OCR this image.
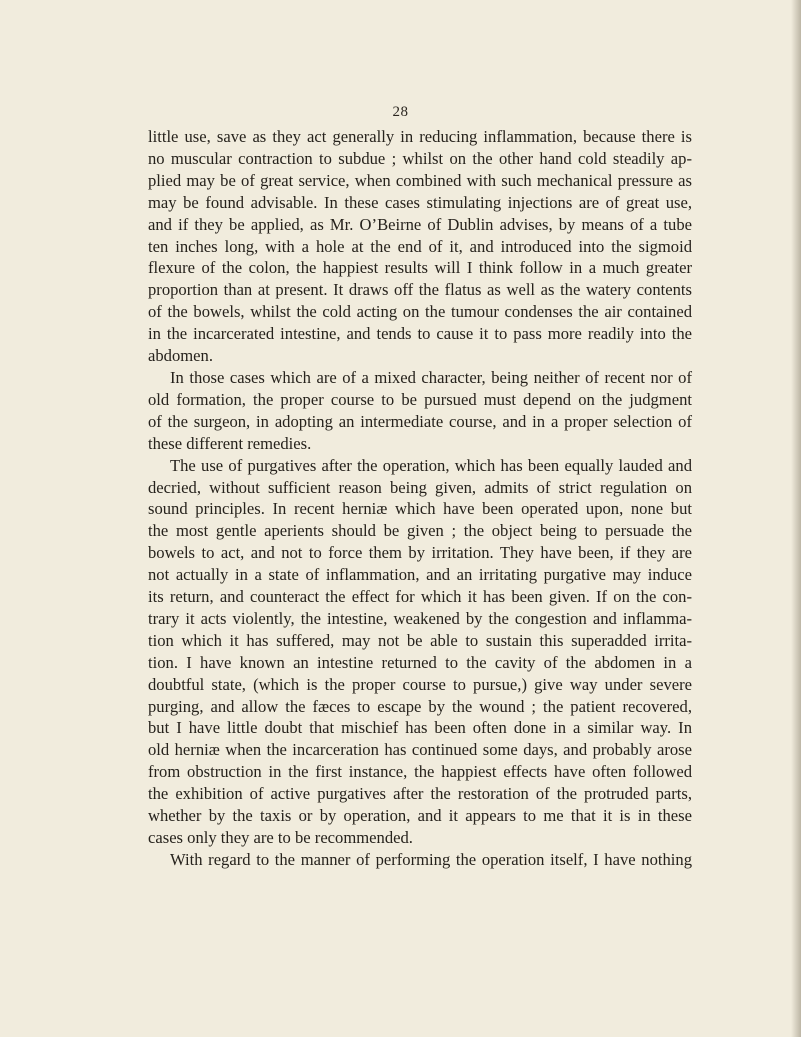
28
little use, save as they act generally in reducing inflammation, because there is
no muscular contraction to subdue ; whilst on the other hand cold steadily ap-
plied may be of great service, when combined with such mechanical pressure as
may be found advisable. In these cases stimulating injections are of great use,
and if they be applied, as Mr. O’Beirne of Dublin advises, by means of a tube
ten inches long, with a hole at the end of it, and introduced into the sigmoid
flexure of the colon, the happiest results will I think follow in a much greater
proportion than at present. It draws off the flatus as well as the watery contents
of the bowels, whilst the cold acting on the tumour condenses the air contained
in the incarcerated intestine, and tends to cause it to pass more readily into the
abdomen.
In those cases which are of a mixed character, being neither of recent nor of
old formation, the proper course to be pursued must depend on the judgment
of the surgeon, in adopting an intermediate course, and in a proper selection of
these different remedies.
The use of purgatives after the operation, which has been equally lauded and
decried, without sufficient reason being given, admits of strict regulation on
sound principles. In recent herniæ which have been operated upon, none but
the most gentle aperients should be given ; the object being to persuade the
bowels to act, and not to force them by irritation. They have been, if they are
not actually in a state of inflammation, and an irritating purgative may induce
its return, and counteract the effect for which it has been given. If on the con-
trary it acts violently, the intestine, weakened by the congestion and inflamma-
tion which it has suffered, may not be able to sustain this superadded irrita-
tion. I have known an intestine returned to the cavity of the abdomen in a
doubtful state, (which is the proper course to pursue,) give way under severe
purging, and allow the fæces to escape by the wound ; the patient recovered,
but I have little doubt that mischief has been often done in a similar way. In
old herniæ when the incarceration has continued some days, and probably arose
from obstruction in the first instance, the happiest effects have often followed
the exhibition of active purgatives after the restoration of the protruded parts,
whether by the taxis or by operation, and it appears to me that it is in these
cases only they are to be recommended.
With regard to the manner of performing the operation itself, I have nothing
